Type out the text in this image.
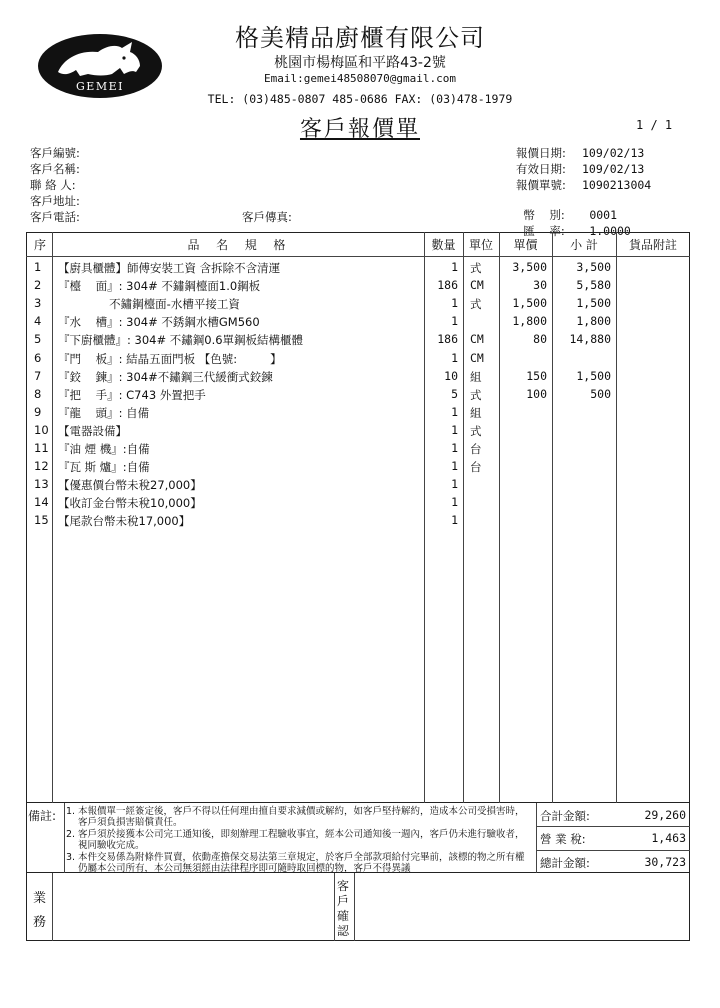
GEMEI
格美精品廚櫃有限公司
桃園市楊梅區和平路43-2號
Email:gemei48508070@gmail.com
TEL: (03)485-0807 485-0686 FAX: (03)478-1979
客戶報價單	1 / 1
客戶編號:
客戶名稱:
聯 絡 人:
客戶地址:
客戶電話:	客戶傳真:
報價日期: 109/02/13
有效日期: 109/02/13
報價單號: 1090213004

幣    別: 0001

匯    率: 1.0000

序	品  名  規  格	數量	單位	單價	小 計	貨品附註
1	【廚具櫃體】師傅安裝工資 含拆除不含清運	1 式	3,500	3,500
2	『檯    面』: 304# 不鏽鋼檯面1.0鋼板	186 CM	30	5,580
3	不鏽鋼檯面-水槽平接工資	1 式	1,500	1,500
4	『水    槽』: 304# 不銹鋼水槽GM560	1	1,800	1,800
5	『下廚櫃體』: 304# 不鏽鋼0.6單鋼板結構櫃體	186 CM	80	14,880
6	『門    板』: 結晶五面門板 【色號:         】	1 CM
7	『鉸    鍊』: 304#不鏽鋼三代緩衝式鉸鍊	10 組	150	1,500
8	『把    手』: C743 外置把手	5 式	100	500
9	『龍    頭』: 自備	1 組
10 【電器設備】	1 式
11 『油 煙 機』:自備	1 台
12 『瓦 斯 爐』:自備	1 台
13 【優惠價台幣未稅27,000】	1
14 【收訂金台幣未稅10,000】	1
15 【尾款台幣未稅17,000】	1
備註: 1. 本報價單一經簽定後，客戶不得以任何理由擅自要求減價或解約，如客戶堅持解約，造成本公司受損害時，客戶須負損害賠償責任。
2. 客戶須於接獲本公司完工通知後，即刻辦理工程驗收事宜，經本公司通知後一週內，客戶仍未進行驗收者，視同驗收完成。
3. 本件交易係為附條件買賣，依動產擔保交易法第三章規定，於客戶全部款項給付完畢前，該標的物之所有權仍屬本公司所有，本公司無須經由法律程序即可隨時取回標的物，客戶不得異議
合計金額:	29,260
營 業 稅:	1,463
總計金額:	30,723
業
務
客
戶
確
認
